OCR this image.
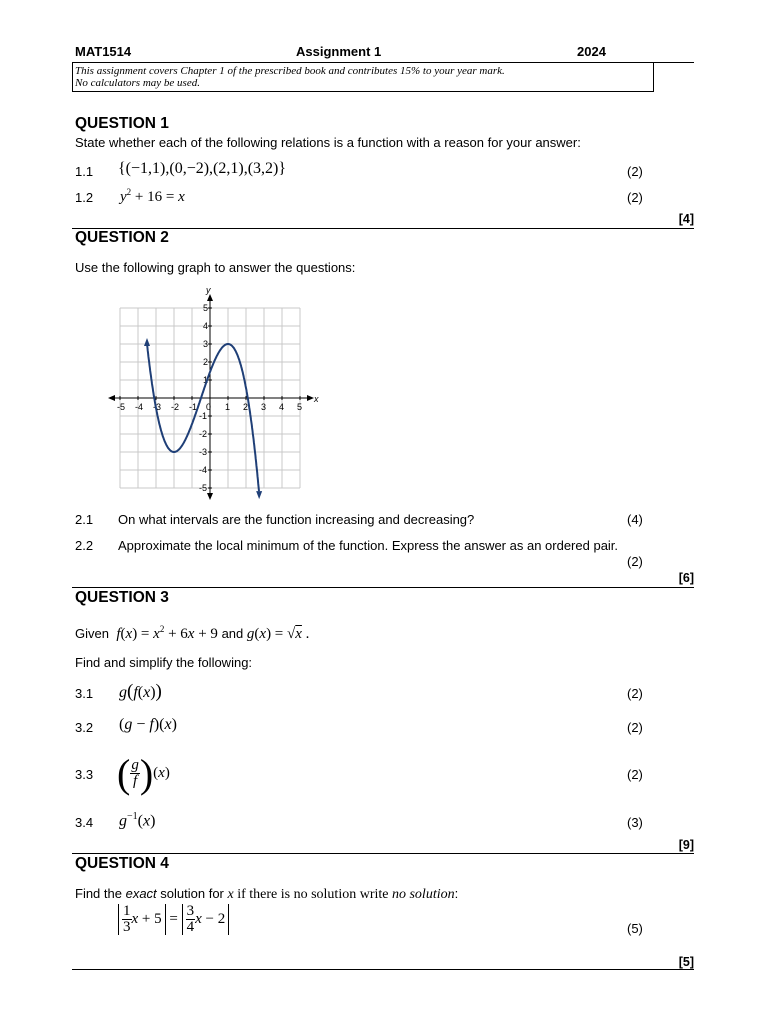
MAT1514	Assignment 1	2024
This assignment covers Chapter 1 of the prescribed book and contributes 15% to your year mark.
No calculators may be used.
QUESTION 1
State whether each of the following relations is a function with a reason for your answer:
1.1 {(−1,1),(0,−2),(2,1),(3,2)}	(2)
1.2 $y^2 + 16 = x$	(2)
[4]
QUESTION 2
Use the following graph to answer the questions:
-5 -4 -3 -2 -1 0 1 2 3 4 5
5
4
3
2
1
-1
-2
-3
-4
-5
x
y
2.1 On what intervals are the function increasing and decreasing?	(4)
2.2 Approximate the local minimum of the function. Express the answer as an ordered pair.
(2)
[6]
QUESTION 3
Given $f(x) = x^2 + 6x + 9$ and g(x) = √x .
Find and simplify the following:
3.1 g(f(x))	(2)
3.2 (g − f)(x)	(2)
3.3 ( $\frac{g}{f} )(x)$	(2)
3.4 $g^{-1}(x)$	(3)
[9]
QUESTION 4
Find the exact solution for x if there is no solution write no solution:
$\frac{1}{3}$ $x + 5 = \frac{3}{4}$ x − 2
(5)
[5]
